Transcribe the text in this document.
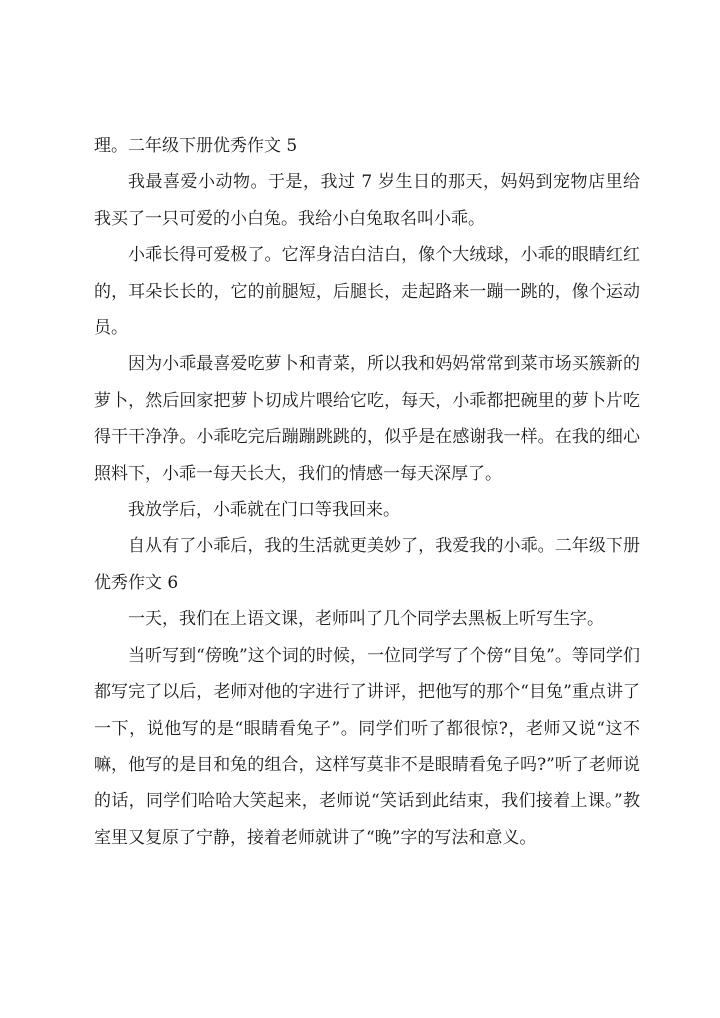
理。二年级下册优秀作文 5

我最喜爱小动物。于是，我过 7 岁生日的那天，妈妈到宠物店里给我买了一只可爱的小白兔。我给小白兔取名叫小乖。

小乖长得可爱极了。它浑身洁白洁白，像个大绒球，小乖的眼睛红红的，耳朵长长的，它的前腿短，后腿长，走起路来一蹦一跳的，像个运动员。

因为小乖最喜爱吃萝卜和青菜，所以我和妈妈常常到菜市场买簇新的萝卜，然后回家把萝卜切成片喂给它吃，每天，小乖都把碗里的萝卜片吃得干干净净。小乖吃完后蹦蹦跳跳的，似乎是在感谢我一样。在我的细心照料下，小乖一每天长大，我们的情感一每天深厚了。

我放学后，小乖就在门口等我回来。

自从有了小乖后，我的生活就更美妙了，我爱我的小乖。二年级下册优秀作文 6

一天，我们在上语文课，老师叫了几个同学去黑板上听写生字。

当听写到“傍晚”这个词的时候，一位同学写了个傍“目兔”。等同学们都写完了以后，老师对他的字进行了讲评，把他写的那个“目兔”重点讲了一下，说他写的是“眼睛看兔子”。同学们听了都很惊?，老师又说“这不嘛，他写的是目和兔的组合，这样写莫非不是眼睛看兔子吗?”听了老师说的话，同学们哈哈大笑起来，老师说“笑话到此结束，我们接着上课。”教室里又复原了宁静，接着老师就讲了“晚”字的写法和意义。
